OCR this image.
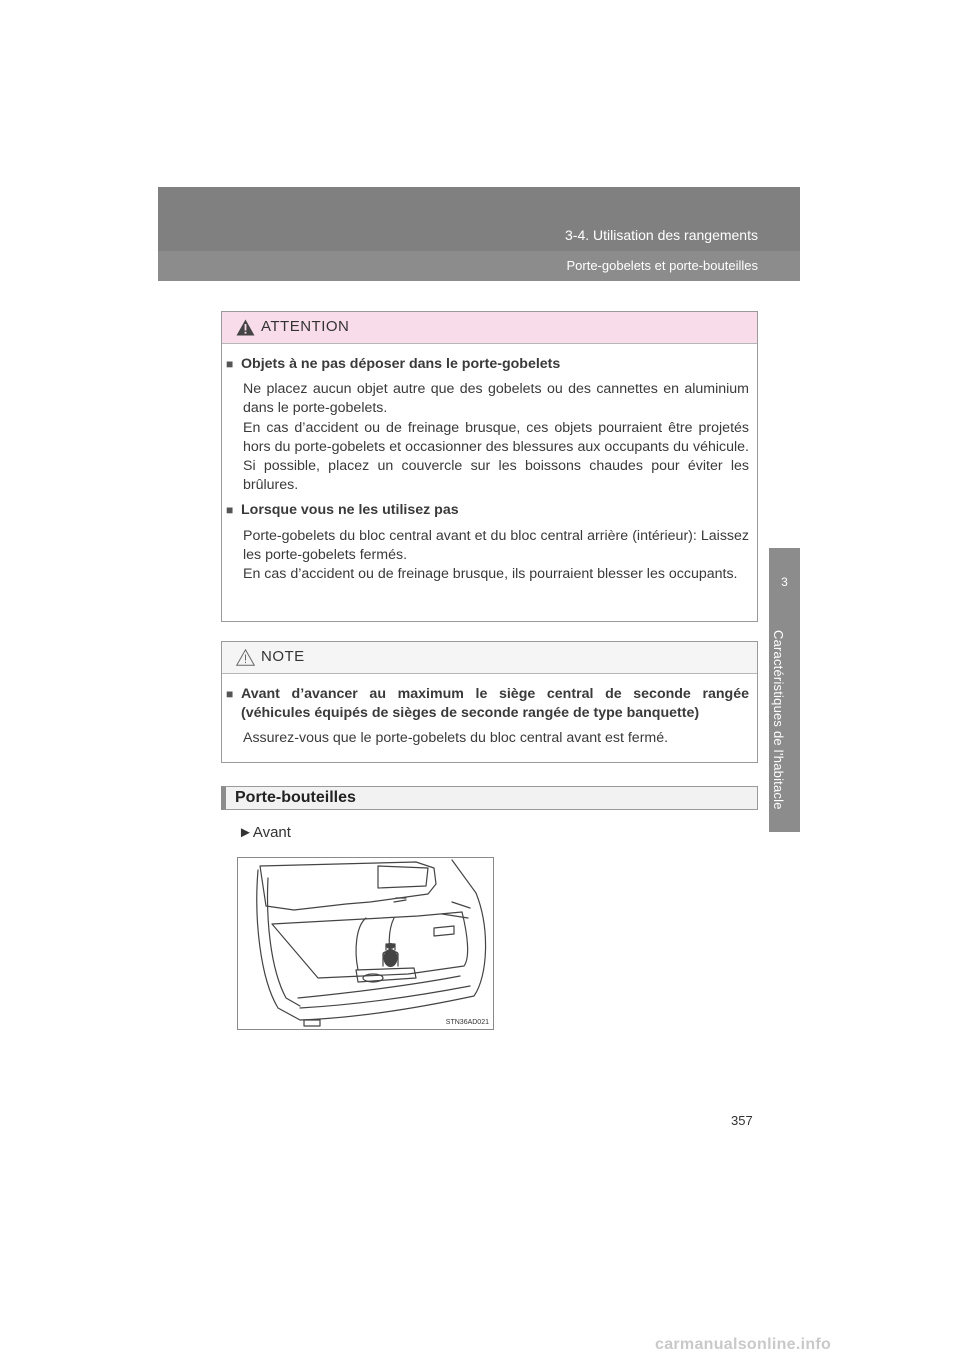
3-4. Utilisation des rangements
Porte-gobelets et porte-bouteilles
3
Caractéristiques de l’habitacle
ATTENTION
■ Objets à ne pas déposer dans le porte-gobelets

Ne placez aucun objet autre que des gobelets ou des cannettes en aluminium dans le porte-gobelets.

En cas d’accident ou de freinage brusque, ces objets pourraient être projetés hors du porte-gobelets et occasionner des blessures aux occupants du véhicule. Si possible, placez un couvercle sur les boissons chaudes pour éviter les brûlures.

■ Lorsque vous ne les utilisez pas

Porte-gobelets du bloc central avant et du bloc central arrière (intérieur): Laissez les porte-gobelets fermés.

En cas d’accident ou de freinage brusque, ils pourraient blesser les occupants.

NOTE
■ Avant d’avancer au maximum le siège central de seconde rangée (véhicules équipés de sièges de seconde rangée de type banquette)

Assurez-vous que le porte-gobelets du bloc central avant est fermé.

Porte-bouteilles
►Avant
STN36AD021
357
carmanualsonline.info
